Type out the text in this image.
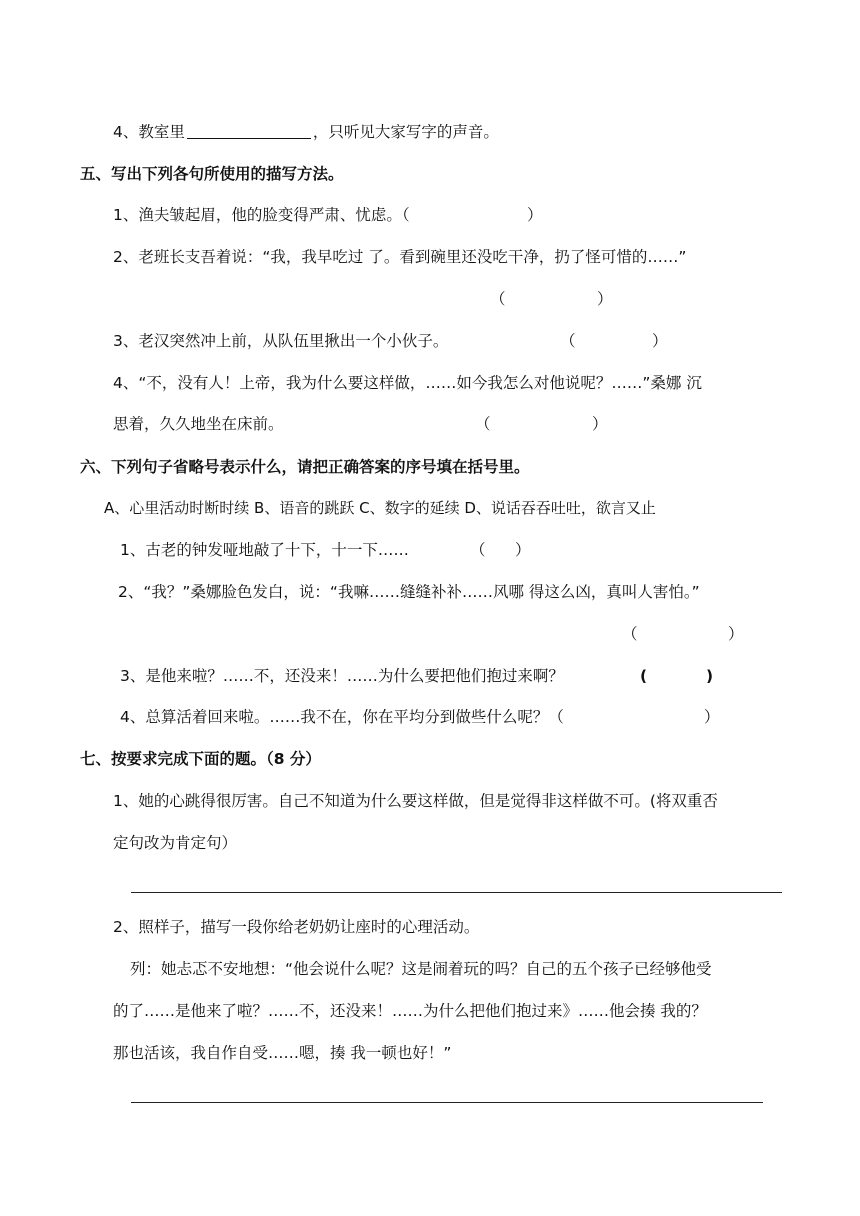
4、教室里	，只听见大家写字的声音。
五、写出下列各句所使用的描写方法。
1、渔夫皱起眉，他的脸变得严肃、忧虑。（	）
2、老班长支吾着说：“我，我早吃过 了。看到碗里还没吃干净，扔了怪可惜的……”
（	）
3、老汉突然冲上前，从队伍里揪出一个小伙子。	（	）
4、“不，没有人！上帝，我为什么要这样做，……如今我怎么对他说呢？……”桑娜 沉
思着，久久地坐在床前。	（	）
六、下列句子省略号表示什么，请把正确答案的序号填在括号里。
A、心里活动时断时续 B、语音的跳跃 C、数字的延续 D、说话吞吞吐吐，欲言又止
1、古老的钟发哑地敲了十下，十一下……	（      ）
2、“我？”桑娜脸色发白，说：“我嘛……缝缝补补……风哪 得这么凶，真叫人害怕。”
（	）
3、是他来啦？……不，还没来！……为什么要把他们抱过来啊？	(	)
4、总算活着回来啦。……我不在，你在平均分到做些什么呢？（	）
七、按要求完成下面的题。（8 分）
1、她的心跳得很厉害。自己不知道为什么要这样做，但是觉得非这样做不可。(将双重否
定句改为肯定句）
2、照样子，描写一段你给老奶奶让座时的心理活动。
列：她忐忑不安地想：“他会说什么呢？这是闹着玩的吗？自己的五个孩子已经够他受
的了……是他来了啦？……不，还没来！……为什么把他们抱过来》……他会揍 我的？
那也活该，我自作自受……嗯，揍 我一顿也好！”
